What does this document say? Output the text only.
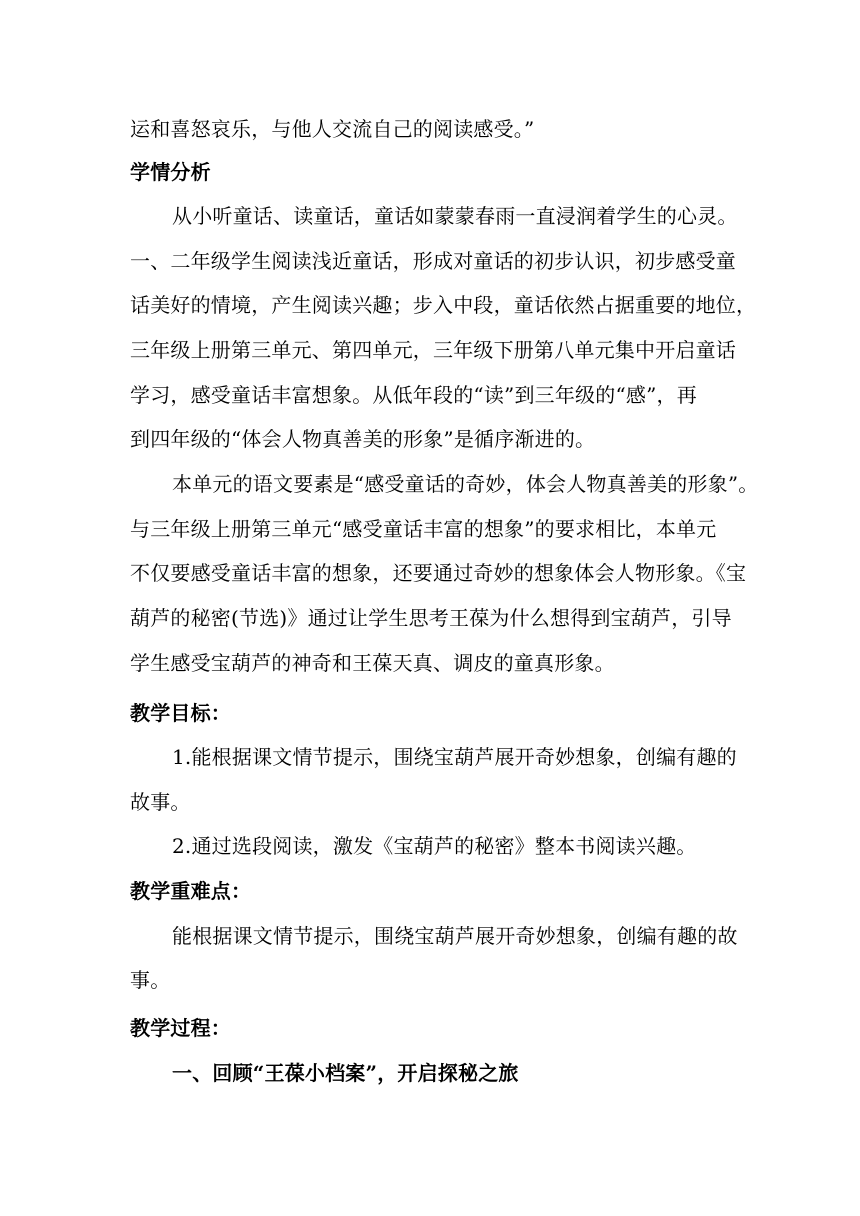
运和喜怒哀乐，与他人交流自己的阅读感受。”
学情分析
从小听童话、读童话，童话如蒙蒙春雨一直浸润着学生的心灵。
一、二年级学生阅读浅近童话，形成对童话的初步认识，初步感受童
话美好的情境，产生阅读兴趣；步入中段，童话依然占据重要的地位，
三年级上册第三单元、第四单元，三年级下册第八单元集中开启童话
学习，感受童话丰富想象。从低年段的“读”到三年级的“感”，再
到四年级的“体会人物真善美的形象”是循序渐进的。
本单元的语文要素是“感受童话的奇妙，体会人物真善美的形象”。
与三年级上册第三单元“感受童话丰富的想象”的要求相比，本单元
不仅要感受童话丰富的想象，还要通过奇妙的想象体会人物形象。《宝
葫芦的秘密(节选)》通过让学生思考王葆为什么想得到宝葫芦，引导
学生感受宝葫芦的神奇和王葆天真、调皮的童真形象。
教学目标：
1.能根据课文情节提示，围绕宝葫芦展开奇妙想象，创编有趣的
故事。
2.通过选段阅读，激发《宝葫芦的秘密》整本书阅读兴趣。
教学重难点：
能根据课文情节提示，围绕宝葫芦展开奇妙想象，创编有趣的故
事。
教学过程：
一、回顾“王葆小档案”，开启探秘之旅
